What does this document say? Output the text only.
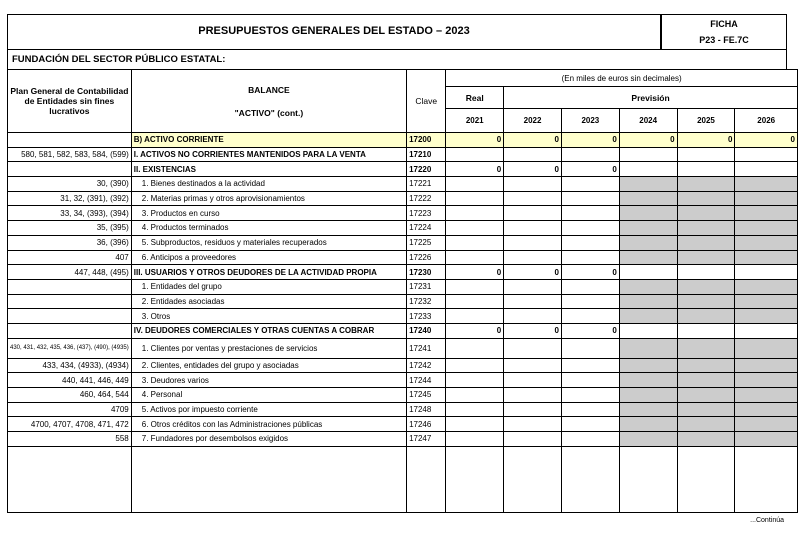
PRESUPUESTOS GENERALES DEL ESTADO – 2023
FICHA
P23 - FE.7C
FUNDACIÓN DEL SECTOR PÚBLICO ESTATAL:
Plan General de Contabilidad de Entidades sin fines lucrativos	BALANCE
"ACTIVO" (cont.)	Clave	(En miles de euros sin decimales)					
			Real	Previsión				
			2021	2022	2023	2024	2025	2026
	B) ACTIVO CORRIENTE	17200	0	0	0	0	0	0
580, 581, 582, 583, 584, (599)	I. ACTIVOS NO CORRIENTES MANTENIDOS PARA LA VENTA	17210						
	II. EXISTENCIAS	17220	0	0	0			
30, (390)	1. Bienes destinados a la actividad	17221						
31, 32, (391), (392)	2. Materias primas y otros aprovisionamientos	17222						
33, 34, (393), (394)	3. Productos en curso	17223						
35, (395)	4. Productos terminados	17224						
36, (396)	5. Subproductos, residuos y materiales recuperados	17225						
407	6. Anticipos a proveedores	17226						
447, 448, (495)	III. USUARIOS Y OTROS DEUDORES DE LA ACTIVIDAD PROPIA	17230	0	0	0			
	1. Entidades del grupo	17231						
	2. Entidades asociadas	17232						
	3. Otros	17233						
	IV. DEUDORES COMERCIALES Y OTRAS CUENTAS A COBRAR	17240	0	0	0			
430, 431, 432, 435, 436, (437), (490), (4935)	1. Clientes por ventas y prestaciones de servicios	17241						
433, 434, (4933), (4934)	2. Clientes, entidades del grupo y asociadas	17242						
440, 441, 446, 449	3. Deudores varios	17244						
460, 464, 544	4. Personal	17245						
4709	5. Activos por impuesto corriente	17248						
4700, 4707, 4708, 471, 472	6. Otros créditos con las Administraciones públicas	17246						
558	7. Fundadores por desembolsos exigidos	17247						

...Continúa
